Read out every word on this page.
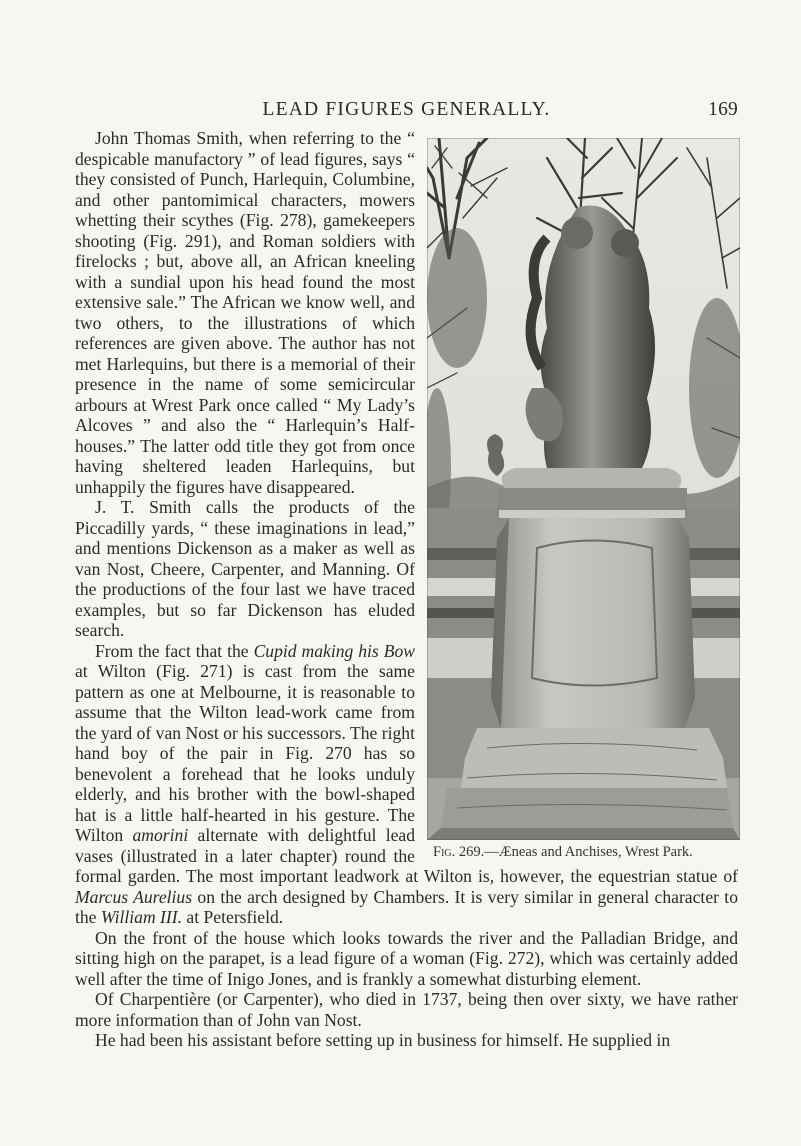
LEAD FIGURES GENERALLY.	169
Fig. 269.—Æneas and Anchises, Wrest Park.

John Thomas Smith, when referring to the “ despicable manufactory ” of lead figures, says “ they consisted of Punch, Harlequin, Columbine, and other pantomimical characters, mowers whetting their scythes (Fig. 278), gamekeepers shooting (Fig. 291), and Roman soldiers with firelocks ; but, above all, an African kneeling with a sundial upon his head found the most extensive sale.” The African we know well, and two others, to the illustrations of which references are given above. The author has not met Harlequins, but there is a memorial of their presence in the name of some semicircular arbours at Wrest Park once called “ My Lady’s Alcoves ” and also the “ Harlequin’s Half-houses.” The latter odd title they got from once having sheltered leaden Harlequins, but unhappily the figures have disappeared.

J. T. Smith calls the products of the Piccadilly yards, “ these imaginations in lead,” and mentions Dickenson as a maker as well as van Nost, Cheere, Carpenter, and Manning. Of the productions of the four last we have traced examples, but so far Dickenson has eluded search.

From the fact that the Cupid making his Bow at Wilton (Fig. 271) is cast from the same pattern as one at Melbourne, it is reasonable to assume that the Wilton lead-work came from the yard of van Nost or his successors. The right hand boy of the pair in Fig. 270 has so benevolent a forehead that he looks unduly elderly, and his brother with the bowl-shaped hat is a little half-hearted in his gesture. The Wilton amorini alternate with delightful lead vases (illustrated in a later chapter) round the formal garden. The most important leadwork at Wilton is, however, the equestrian statue of Marcus Aurelius on the arch designed by Chambers. It is very similar in general character to the William III. at Petersfield.

On the front of the house which looks towards the river and the Palladian Bridge, and sitting high on the parapet, is a lead figure of a woman (Fig. 272), which was certainly added well after the time of Inigo Jones, and is frankly a somewhat disturbing element.

Of Charpentière (or Carpenter), who died in 1737, being then over sixty, we have rather more information than of John van Nost.

He had been his assistant before setting up in business for himself. He supplied in
